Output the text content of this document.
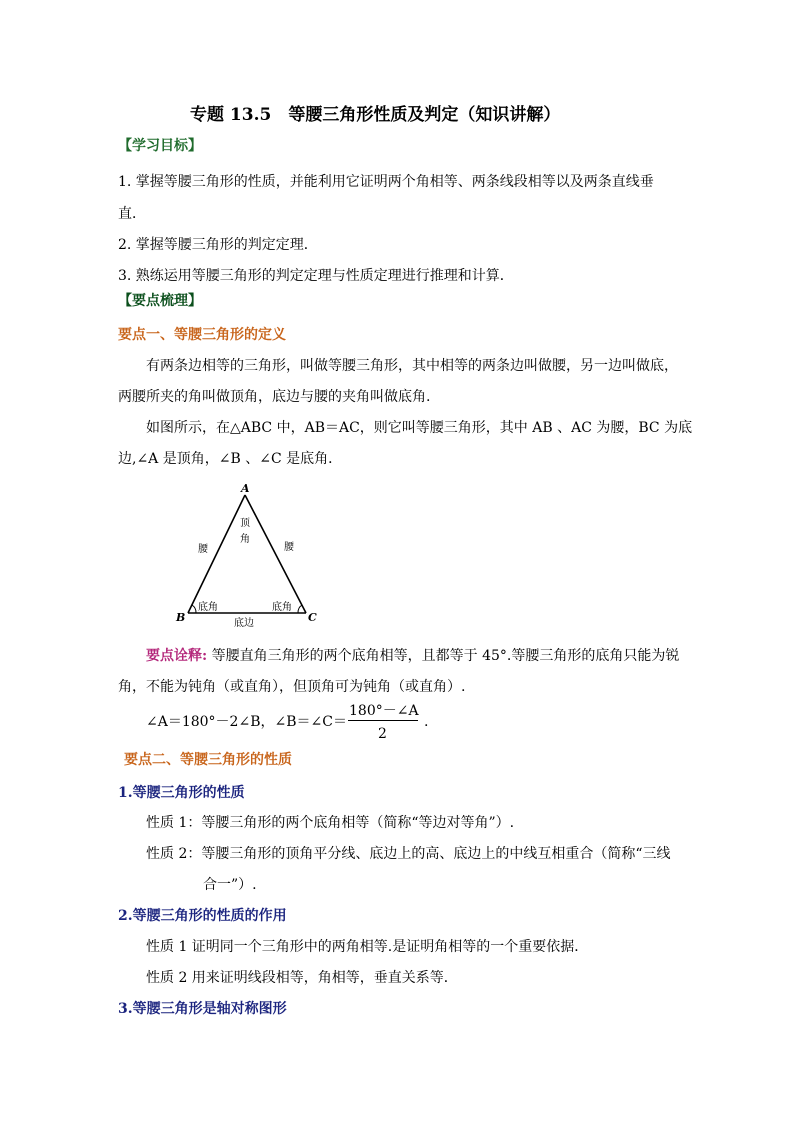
专题 13.5　等腰三角形性质及判定（知识讲解）
【学习目标】
1. 掌握等腰三角形的性质，并能利用它证明两个角相等、两条线段相等以及两条直线垂
直．
2. 掌握等腰三角形的判定定理．
3. 熟练运用等腰三角形的判定定理与性质定理进行推理和计算．
【要点梳理】
要点一、等腰三角形的定义
有两条边相等的三角形，叫做等腰三角形，其中相等的两条边叫做腰，另一边叫做底，
两腰所夹的角叫做顶角，底边与腰的夹角叫做底角.
如图所示，在△ABC 中，AB＝AC，则它叫等腰三角形，其中 AB 、AC 为腰，BC 为底
边,∠A 是顶角，∠B 、∠C 是底角．
A
B	C
顶
角
腰	腰
底角	底角
底边
要点诠释: 等腰直角三角形的两个底角相等，且都等于 45°.等腰三角形的底角只能为锐
角，不能为钝角（或直角），但顶角可为钝角（或直角）.
∠A＝180°－2∠B，∠B＝∠C＝
180°－∠A
2
.
要点二、等腰三角形的性质
1.等腰三角形的性质
性质 1：等腰三角形的两个底角相等（简称“等边对等角”）.
性质 2：等腰三角形的顶角平分线、底边上的高、底边上的中线互相重合（简称“三线
合一”）.
2.等腰三角形的性质的作用
性质 1 证明同一个三角形中的两角相等.是证明角相等的一个重要依据．
性质 2 用来证明线段相等，角相等，垂直关系等．
3.等腰三角形是轴对称图形
